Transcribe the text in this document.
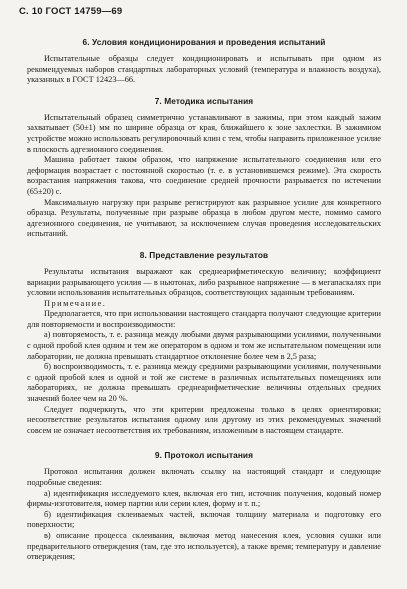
С. 10 ГОСТ 14759—69
6. Условия кондиционирования и проведения испытаний

Испытательные образцы следует кондиционировать и испытывать при одном из рекомендуемых наборов стандартных лабораторных условий (температура и влажность воздуха), указанных в ГОСТ 12423—66.

7. Методика испытания

Испытательный образец симметрично устанавливают в зажимы, при этом каждый зажим захватывает (50±1) мм по ширине образца от края, ближайшего к зоне захлестки. В зажимном устройстве можно использовать регулировочный клин с тем, чтобы направить приложенное усилие в плоскость адгезионного соединения.

Машина работает таким образом, что напряжение испытательного соединения или его деформация возрастает с постоянной скоростью (т. е. в установившемся режиме). Эта скорость возрастания напряжения такова, что соединение средней прочности разрывается по истечении (65±20) с.

Максимальную нагрузку при разрыве регистрируют как разрывное усилие для конкретного образца. Результаты, полученные при разрыве образца в любом другом месте, помимо самого адгезионного соединения, не учитывают, за исключением случая проведения исследовательских испытаний.

8. Представление результатов

Результаты испытания выражают как среднеарифметическую величину; коэффициент вариации разрывающего усилия — в ньютонах, либо разрывное напряжение — в мегапаскалях при условии использования испытательных образцов, соответствующих заданным требованиям.

Примечание.

Предполагается, что при использовании настоящего стандарта получают следующие критерии для повторяемости и воспроизводимости:

а) повторяемость, т. е. разница между любыми двумя разрывающими усилиями, полученными с одной пробой клея одним и тем же оператором в одном и том же испытательном помещении или лаборатории, не должна превышать стандартное отклонение более чем в 2,5 раза;

б) воспроизводимость, т. е. разница между средними разрывающими усилиями, полученными с одной пробой клея и одной и той же системе в различных испытательных помещениях или лабораториях, не должна превышать среднеарифметические величины отдельных средних значений более чем на 20 %.

Следует подчеркнуть, что эти критерии предложены только в целях ориентировки; несоответствие результатов испытания одному или другому из этих рекомендуемых значений совсем не означает несоответствия их требованиям, изложенным в настоящем стандарте.

9. Протокол испытания

Протокол испытания должен включать ссылку на настоящий стандарт и следующие подробные сведения:

а) идентификация исследуемого клея, включая его тип, источник получения, кодовый номер фирмы-изготовителя, номер партии или серии клея, форму и т. п.;

б) идентификация склеиваемых частей, включая толщину материала и подготовку его поверхности;

в) описание процесса склеивания, включая метод нанесения клея, условия сушки или предварительного отверждения (там, где это используется), а также время; температуру и давление отверждения;
